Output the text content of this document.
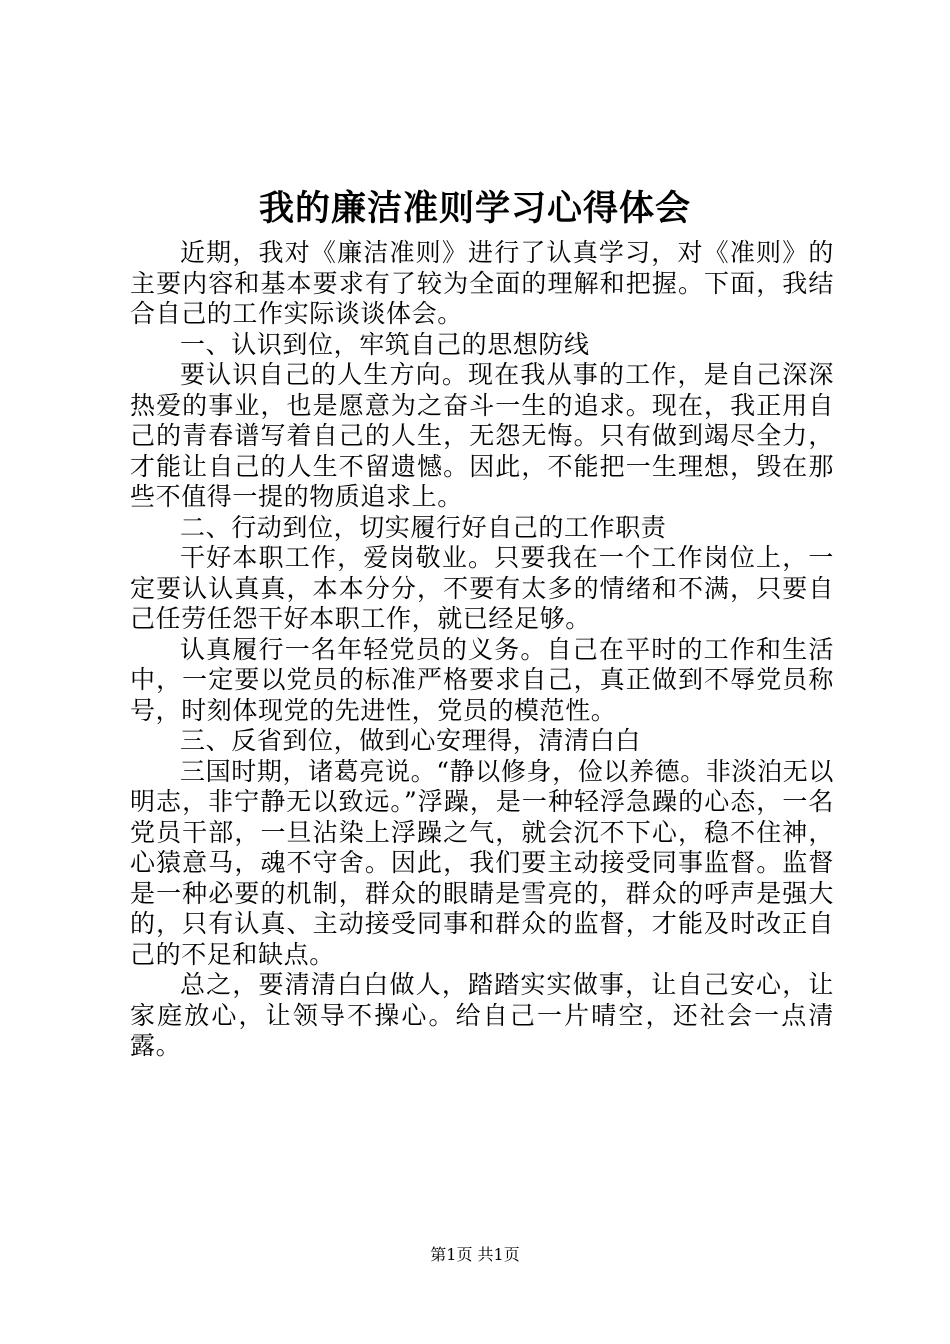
我的廉洁准则学习心得体会

近期，我对《廉洁准则》进行了认真学习，对《准则》的主要内容和基本要求有了较为全面的理解和把握。下面，我结合自己的工作实际谈谈体会。

一、认识到位，牢筑自己的思想防线

要认识自己的人生方向。现在我从事的工作，是自己深深热爱的事业，也是愿意为之奋斗一生的追求。现在，我正用自己的青春谱写着自己的人生，无怨无悔。只有做到竭尽全力，才能让自己的人生不留遗憾。因此，不能把一生理想，毁在那些不值得一提的物质追求上。

二、行动到位，切实履行好自己的工作职责

干好本职工作，爱岗敬业。只要我在一个工作岗位上，一定要认认真真，本本分分，不要有太多的情绪和不满，只要自己任劳任怨干好本职工作，就已经足够。

认真履行一名年轻党员的义务。自己在平时的工作和生活中，一定要以党员的标准严格要求自己，真正做到不辱党员称号，时刻体现党的先进性，党员的模范性。

三、反省到位，做到心安理得，清清白白

三国时期，诸葛亮说。“静以修身，俭以养德。非淡泊无以明志，非宁静无以致远。”浮躁，是一种轻浮急躁的心态，一名党员干部，一旦沾染上浮躁之气，就会沉不下心，稳不住神，心猿意马，魂不守舍。因此，我们要主动接受同事监督。监督是一种必要的机制，群众的眼睛是雪亮的，群众的呼声是强大的，只有认真、主动接受同事和群众的监督，才能及时改正自己的不足和缺点。

总之，要清清白白做人，踏踏实实做事，让自己安心，让家庭放心，让领导不操心。给自己一片晴空，还社会一点清露。

第1页 共1页
